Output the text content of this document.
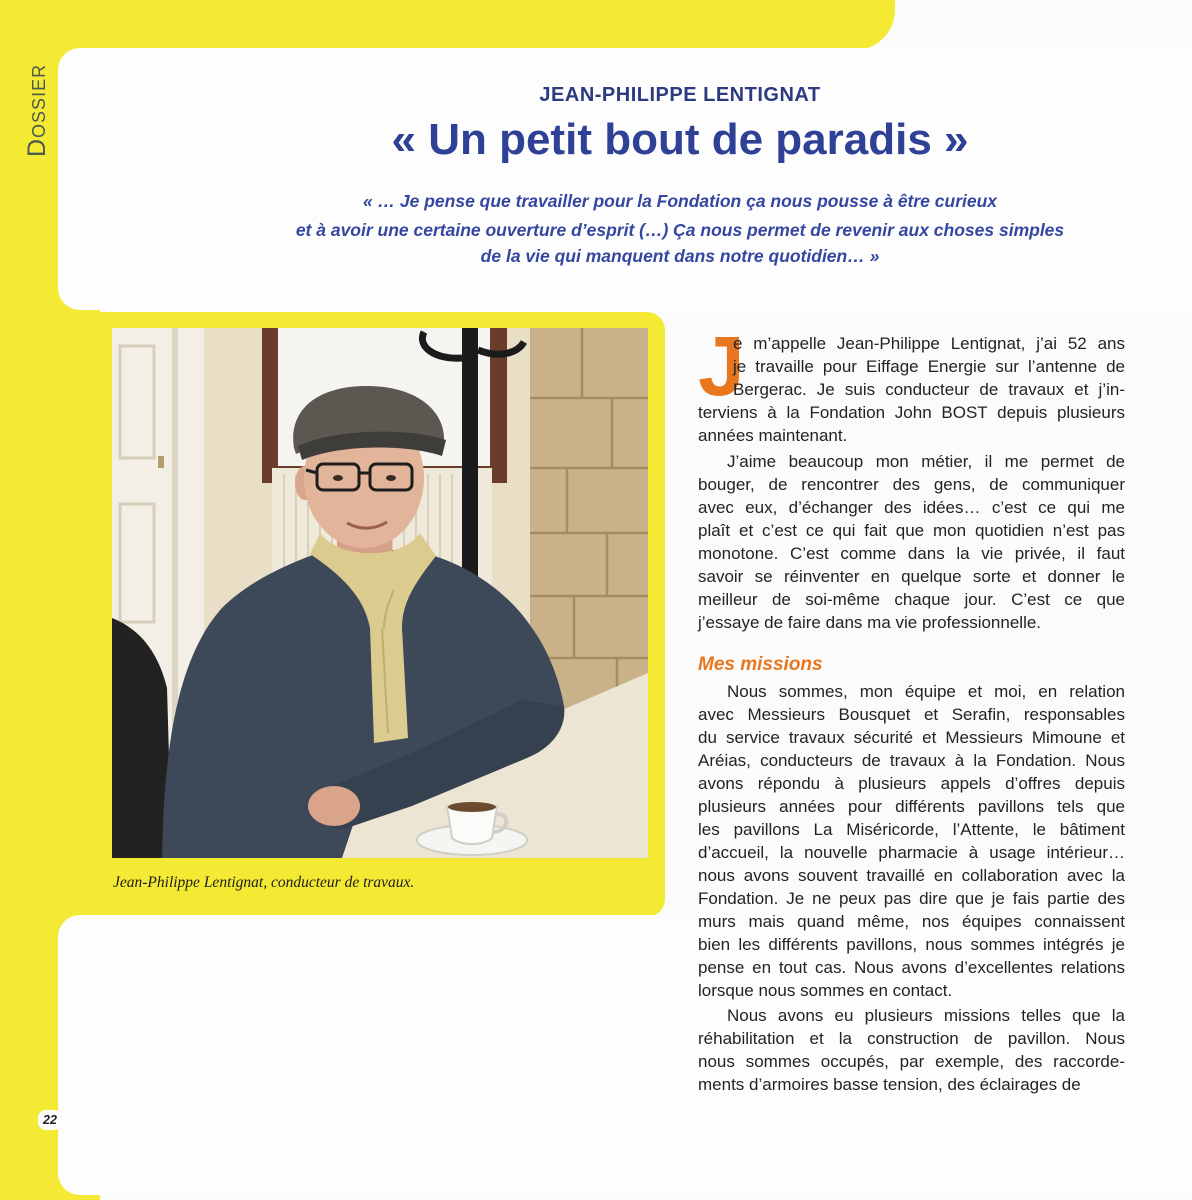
Dossier	JEAN-PHILIPPE LENTIGNAT
« Un petit bout de paradis »
« … Je pense que travailler pour la Fondation ça nous pousse à être curieux
et à avoir une certaine ouverture d’esprit (…) Ça nous permet de revenir aux choses simples
de la vie qui manquent dans notre quotidien… »
Jean-Philippe Lentignat, conducteur de travaux.
J
e m’appelle Jean-Philippe Lentignat, j’ai 52 ans
je travaille pour Eiffage Energie sur l’antenne de
Bergerac. Je suis conducteur de travaux et j’in-
terviens à la Fondation John BOST depuis plusieurs
années maintenant.
J’aime beaucoup mon métier, il me permet de
bouger, de rencontrer des gens, de communiquer
avec eux, d’échanger des idées… c’est ce qui me
plaît et c’est ce qui fait que mon quotidien n’est pas
monotone. C’est comme dans la vie privée, il faut
savoir se réinventer en quelque sorte et donner le
meilleur de soi-même chaque jour. C’est ce que
j’essaye de faire dans ma vie professionnelle.
Mes missions
Nous sommes, mon équipe et moi, en relation
avec Messieurs Bousquet et Serafin, responsables
du service travaux sécurité et Messieurs Mimoune et
Aréias, conducteurs de travaux à la Fondation. Nous
avons répondu à plusieurs appels d’offres depuis
plusieurs années pour différents pavillons tels que
les pavillons La Miséricorde, l’Attente, le bâtiment
d’accueil, la nouvelle pharmacie à usage intérieur…
nous avons souvent travaillé en collaboration avec la
Fondation. Je ne peux pas dire que je fais partie des
murs mais quand même, nos équipes connaissent
bien les différents pavillons, nous sommes intégrés je
pense en tout cas. Nous avons d’excellentes relations
lorsque nous sommes en contact.
Nous avons eu plusieurs missions telles que la
réhabilitation et la construction de pavillon. Nous
nous sommes occupés, par exemple, des raccorde-
ments d’armoires basse tension, des éclairages de
22
